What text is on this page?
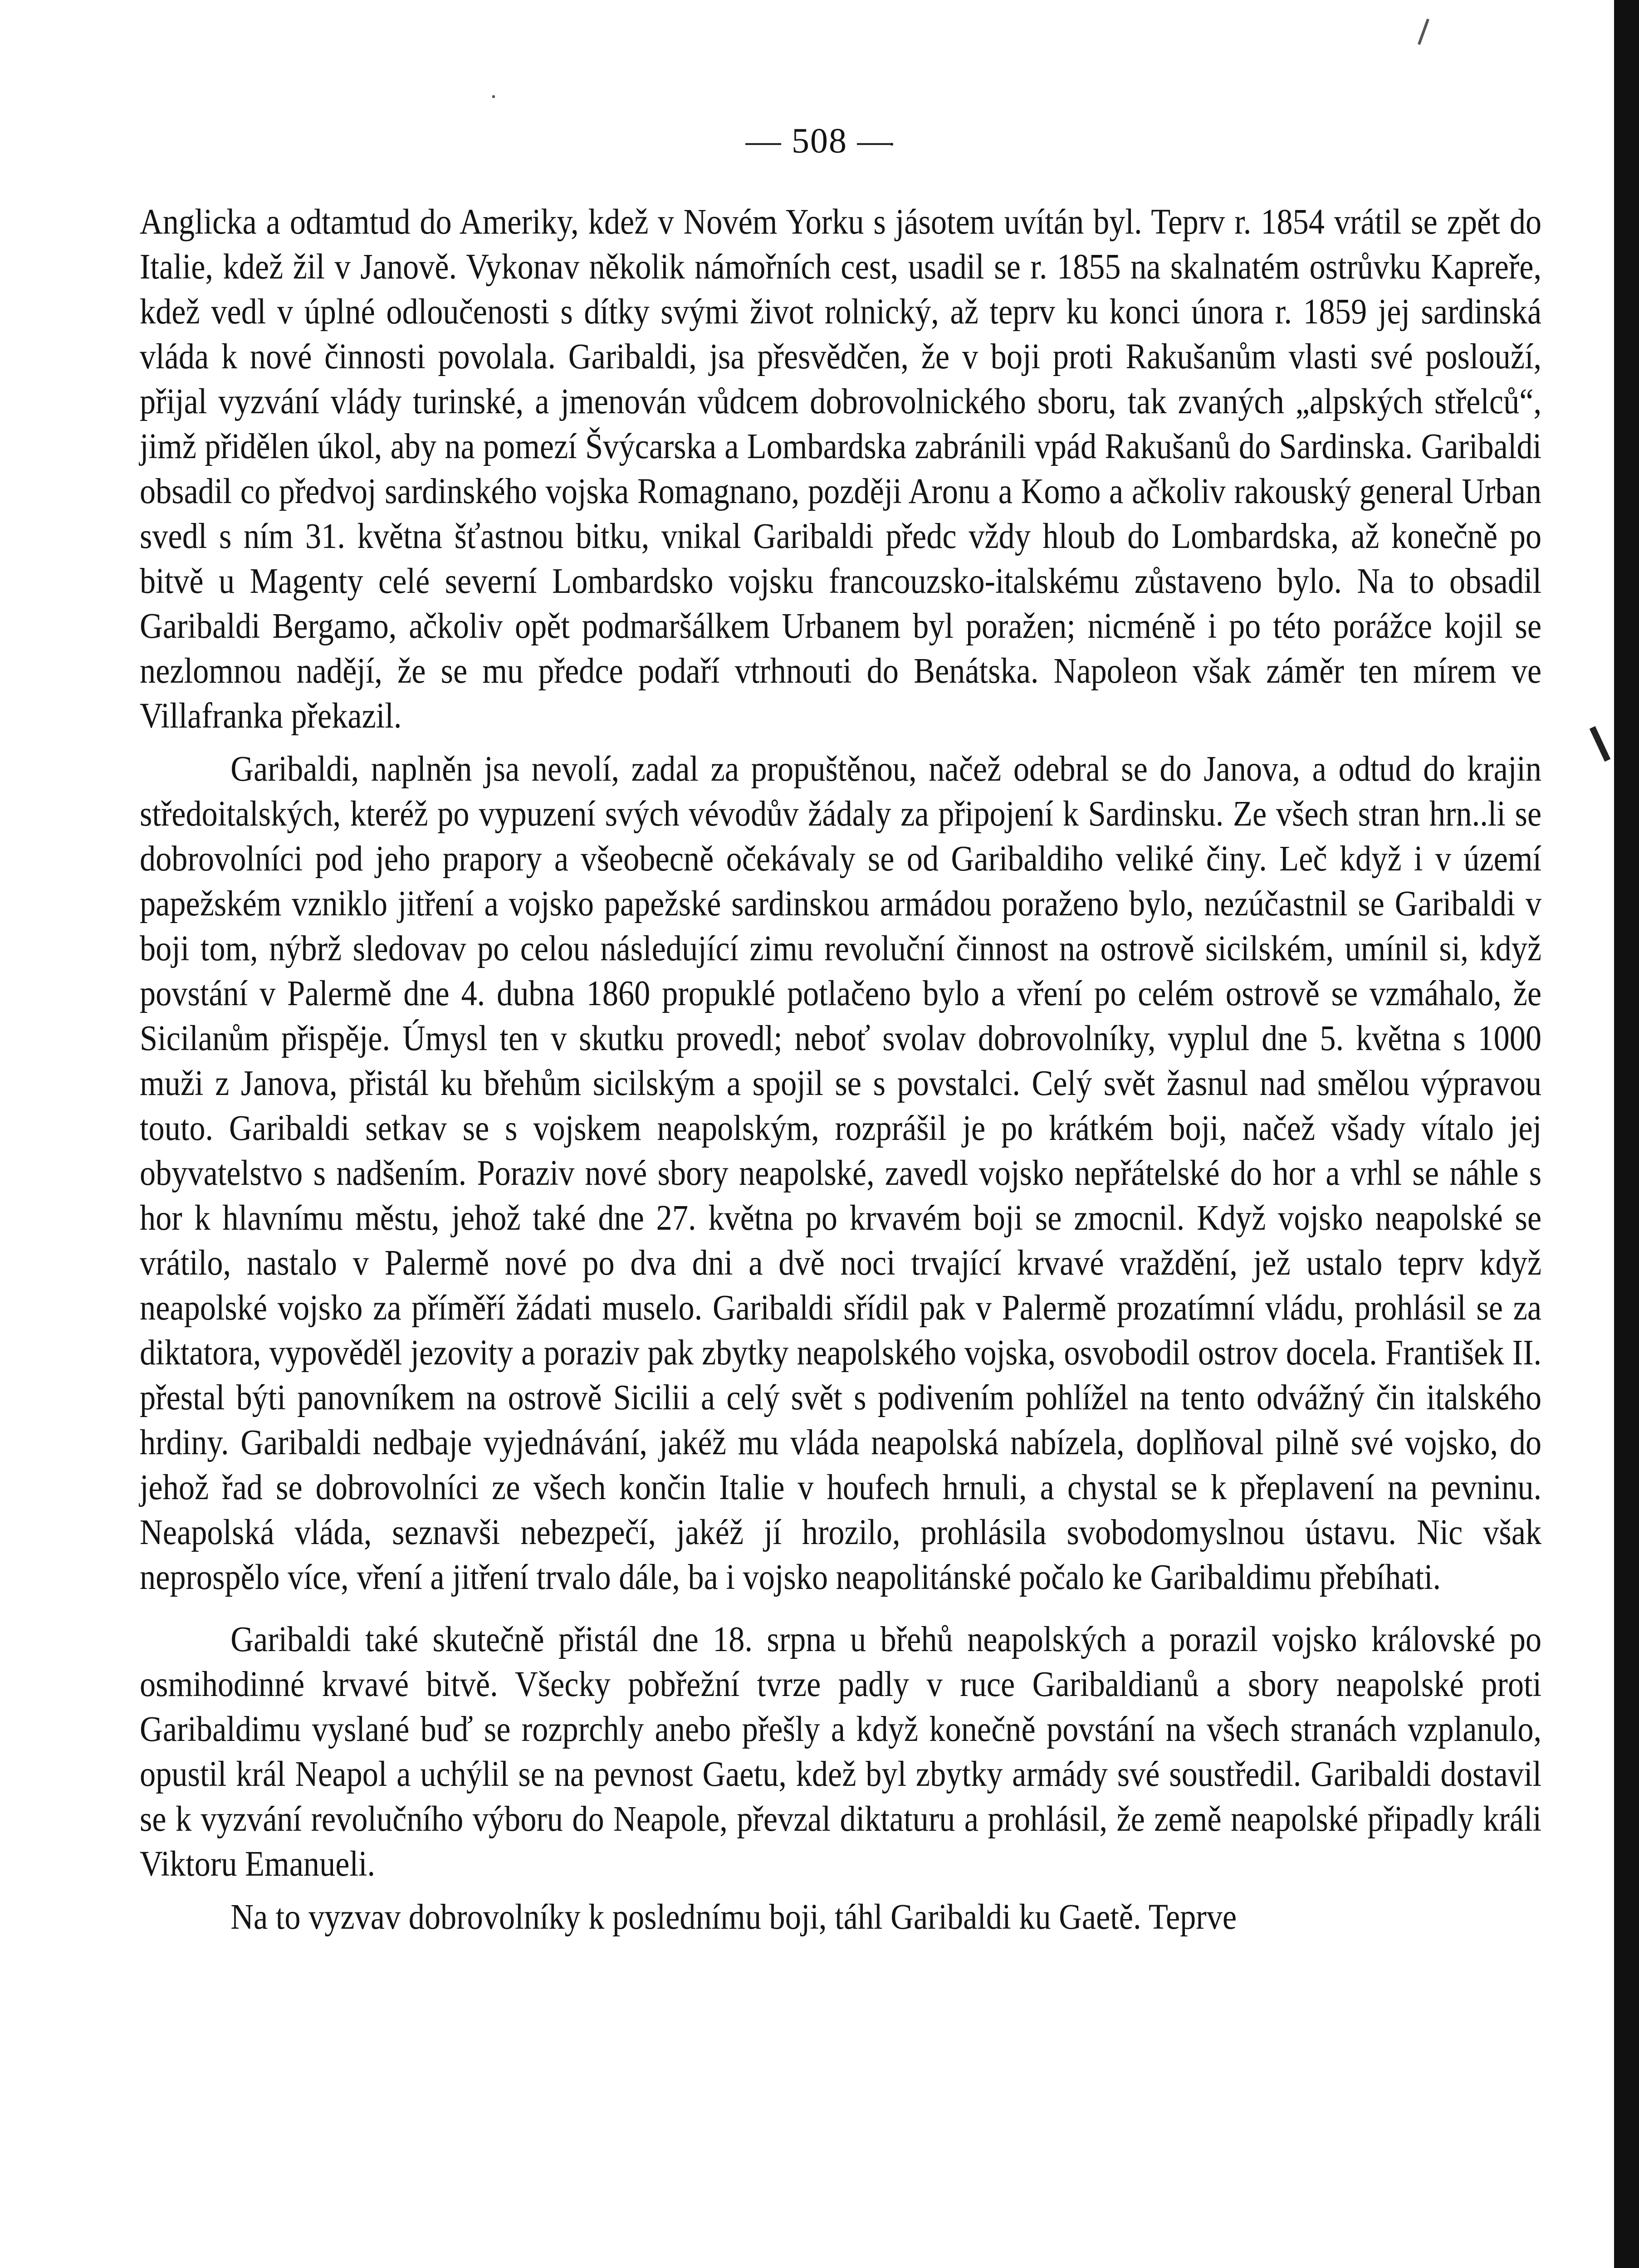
— 508 —

Anglicka a odtamtud do Ameriky, kdež v Novém Yorku s jásotem uvítán byl. Teprv r. 1854 vrátil se zpět do Italie, kdež žil v Janově. Vykonav několik námořních cest, usadil se r. 1855 na skalnatém ostrůvku Kapreře, kdež vedl v úplné odloučenosti s dítky svými život rolnický, až teprv ku konci února r. 1859 jej sardinská vláda k nové činnosti povolala. Garibaldi, jsa přesvědčen, že v boji proti Rakušanům vlasti své poslouží, přijal vyzvání vlády turinské, a jmenován vůdcem dobrovolnického sboru, tak zvaných „alpských střelců“, jimž přidělen úkol, aby na pomezí Švýcarska a Lombardska zabránili vpád Rakušanů do Sardinska. Garibaldi obsadil co předvoj sardinského vojska Romagnano, později Aronu a Komo a ačkoliv rakouský general Urban svedl s ním 31. května šťastnou bitku, vnikal Garibaldi předc vždy hloub do Lombardska, až konečně po bitvě u Magenty celé severní Lombardsko vojsku francouzsko-italskému zůstaveno bylo. Na to obsadil Garibaldi Bergamo, ačkoliv opět podmaršálkem Urbanem byl poražen; nicméně i po této porážce kojil se nezlomnou nadějí, že se mu předce podaří vtrhnouti do Benátska. Napoleon však záměr ten mírem ve Villafranka překazil.

Garibaldi, naplněn jsa nevolí, zadal za propuštěnou, načež odebral se do Janova, a odtud do krajin středoitalských, kteréž po vypuzení svých vévodův žádaly za připojení k Sardinsku. Ze všech stran hrn..li se dobrovolníci pod jeho prapory a všeobecně očekávaly se od Garibaldiho veliké činy. Leč když i v území papežském vzniklo jitření a vojsko papežské sardinskou armádou poraženo bylo, nezúčastnil se Garibaldi v boji tom, nýbrž sledovav po celou následující zimu revoluční činnost na ostrově sicilském, umínil si, když povstání v Palermě dne 4. dubna 1860 propuklé potlačeno bylo a vření po celém ostrově se vzmáhalo, že Sicilanům přispěje. Úmysl ten v skutku provedl; neboť svolav dobrovolníky, vyplul dne 5. května s 1000 muži z Janova, přistál ku břehům sicilským a spojil se s povstalci. Celý svět žasnul nad smělou výpravou touto. Garibaldi setkav se s vojskem neapolským, rozprášil je po krátkém boji, načež všady vítalo jej obyvatelstvo s nadšením. Poraziv nové sbory neapolské, zavedl vojsko nepřátelské do hor a vrhl se náhle s hor k hlavnímu městu, jehož také dne 27. května po krvavém boji se zmocnil. Když vojsko neapolské se vrátilo, nastalo v Palermě nové po dva dni a dvě noci trvající krvavé vraždění, jež ustalo teprv když neapolské vojsko za příměří žádati muselo. Garibaldi sřídil pak v Palermě prozatímní vládu, prohlásil se za diktatora, vypověděl jezovity a poraziv pak zbytky neapolského vojska, osvobodil ostrov docela. František II. přestal býti panovníkem na ostrově Sicilii a celý svět s podivením pohlížel na tento odvážný čin italského hrdiny. Garibaldi nedbaje vyjednávání, jakéž mu vláda neapolská nabízela, doplňoval pilně své vojsko, do jehož řad se dobrovolníci ze všech končin Italie v houfech hrnuli, a chystal se k přeplavení na pevninu. Neapolská vláda, seznavši nebezpečí, jakéž jí hrozilo, prohlásila svobodomyslnou ústavu. Nic však neprospělo více, vření a jitření trvalo dále, ba i vojsko neapolitánské počalo ke Garibaldimu přebíhati.

Garibaldi také skutečně přistál dne 18. srpna u břehů neapolských a porazil vojsko královské po osmihodinné krvavé bitvě. Všecky pobřežní tvrze padly v ruce Garibaldianů a sbory neapolské proti Garibaldimu vyslané buď se rozprchly anebo přešly a když konečně povstání na všech stranách vzplanulo, opustil král Neapol a uchýlil se na pevnost Gaetu, kdež byl zbytky armády své soustředil. Garibaldi dostavil se k vyzvání revolučního výboru do Neapole, převzal diktaturu a prohlásil, že země neapolské připadly králi Viktoru Emanueli.

Na to vyzvav dobrovolníky k poslednímu boji, táhl Garibaldi ku Gaetě. Teprve
